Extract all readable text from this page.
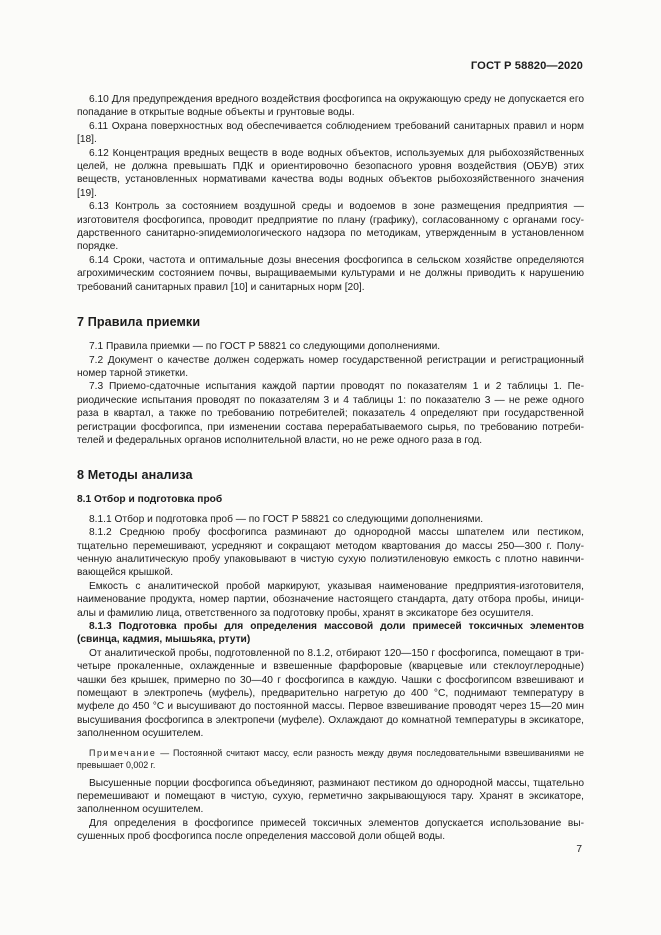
ГОСТ Р 58820—2020

6.10 Для предупреждения вредного воздействия фосфогипса на окружающую среду не допускается его попадание в открытые водные объекты и грунтовые воды.

6.11 Охрана поверхностных вод обеспечивается соблюдением требований санитарных правил и норм [18].

6.12 Концентрация вредных веществ в воде водных объектов, используемых для рыбохозяйственных целей, не должна превышать ПДК и ориентировочно безопасного уровня воздействия (ОБУВ) этих веществ, установленных нормативами качества воды водных объектов рыбохозяйственного значения [19].

6.13 Контроль за состоянием воздушной среды и водоемов в зоне размещения предприятия — изготовителя фосфогипса, проводит предприятие по плану (графику), согласованному с органами государственного санитарно-эпидемиологического надзора по методикам, утвержденным в установленном порядке.

6.14 Сроки, частота и оптимальные дозы внесения фосфогипса в сельском хозяйстве определяются агрохимическим состоянием почвы, выращиваемыми культурами и не должны приводить к нарушению требований санитарных правил [10] и санитарных норм [20].

7 Правила приемки

7.1 Правила приемки — по ГОСТ Р 58821 со следующими дополнениями.

7.2 Документ о качестве должен содержать номер государственной регистрации и регистрационный номер тарной этикетки.

7.3 Приемо-сдаточные испытания каждой партии проводят по показателям 1 и 2 таблицы 1. Периодические испытания проводят по показателям 3 и 4 таблицы 1: по показателю 3 — не реже одного раза в квартал, а также по требованию потребителей; показатель 4 определяют при государственной регистрации фосфогипса, при изменении состава перерабатываемого сырья, по требованию потребителей и федеральных органов исполнительной власти, но не реже одного раза в год.

8 Методы анализа
8.1 Отбор и подготовка проб

8.1.1 Отбор и подготовка проб — по ГОСТ Р 58821 со следующими дополнениями.

8.1.2 Среднюю пробу фосфогипса разминают до однородной массы шпателем или пестиком, тщательно перемешивают, усредняют и сокращают методом квартования до массы 250—300 г. Полученную аналитическую пробу упаковывают в чистую сухую полиэтиленовую емкость с плотно навинчивающейся крышкой.

Емкость с аналитической пробой маркируют, указывая наименование предприятия-изготовителя, наименование продукта, номер партии, обозначение настоящего стандарта, дату отбора пробы, инициалы и фамилию лица, ответственного за подготовку пробы, хранят в эксикаторе без осушителя.

8.1.3 Подготовка пробы для определения массовой доли примесей токсичных элементов (свинца, кадмия, мышьяка, ртути)

От аналитической пробы, подготовленной по 8.1.2, отбирают 120—150 г фосфогипса, помещают в три-четыре прокаленные, охлажденные и взвешенные фарфоровые (кварцевые или стеклоуглеродные) чашки без крышек, примерно по 30—40 г фосфогипса в каждую. Чашки с фосфогипсом взвешивают и помещают в электропечь (муфель), предварительно нагретую до 400 °С, поднимают температуру в муфеле до 450 °С и высушивают до постоянной массы. Первое взвешивание проводят через 15—20 мин высушивания фосфогипса в электропечи (муфеле). Охлаждают до комнатной температуры в эксикаторе, заполненном осушителем.

Примечание — Постоянной считают массу, если разность между двумя последовательными взвешиваниями не превышает 0,002 г.

Высушенные порции фосфогипса объединяют, разминают пестиком до однородной массы, тщательно перемешивают и помещают в чистую, сухую, герметично закрывающуюся тару. Хранят в эксикаторе, заполненном осушителем.

Для определения в фосфогипсе примесей токсичных элементов допускается использование высушенных проб фосфогипса после определения массовой доли общей воды.

7
